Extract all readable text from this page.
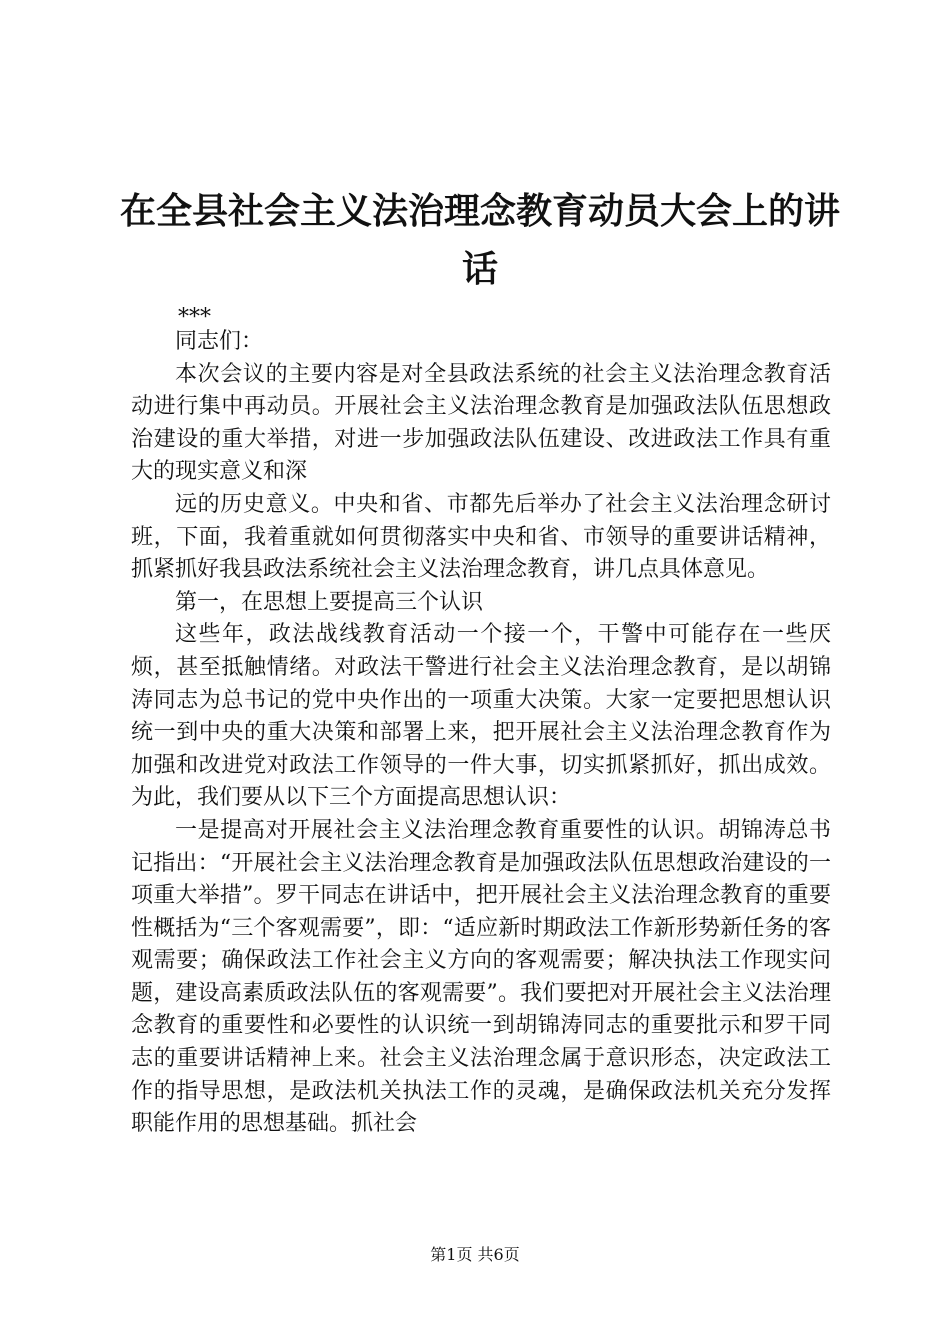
在全县社会主义法治理念教育动员大会上的讲话
***

同志们：

本次会议的主要内容是对全县政法系统的社会主义法治理念教育活动进行集中再动员。开展社会主义法治理念教育是加强政法队伍思想政治建设的重大举措，对进一步加强政法队伍建设、改进政法工作具有重大的现实意义和深

远的历史意义。中央和省、市都先后举办了社会主义法治理念研讨班，下面，我着重就如何贯彻落实中央和省、市领导的重要讲话精神，抓紧抓好我县政法系统社会主义法治理念教育，讲几点具体意见。

第一，在思想上要提高三个认识

这些年，政法战线教育活动一个接一个，干警中可能存在一些厌烦，甚至抵触情绪。对政法干警进行社会主义法治理念教育，是以胡锦涛同志为总书记的党中央作出的一项重大决策。大家一定要把思想认识统一到中央的重大决策和部署上来，把开展社会主义法治理念教育作为加强和改进党对政法工作领导的一件大事，切实抓紧抓好，抓出成效。为此，我们要从以下三个方面提高思想认识：

一是提高对开展社会主义法治理念教育重要性的认识。胡锦涛总书记指出：“开展社会主义法治理念教育是加强政法队伍思想政治建设的一项重大举措”。罗干同志在讲话中，把开展社会主义法治理念教育的重要性概括为“三个客观需要”，即：“适应新时期政法工作新形势新任务的客观需要；确保政法工作社会主义方向的客观需要；解决执法工作现实问题，建设高素质政法队伍的客观需要”。我们要把对开展社会主义法治理念教育的重要性和必要性的认识统一到胡锦涛同志的重要批示和罗干同志的重要讲话精神上来。社会主义法治理念属于意识形态，决定政法工作的指导思想，是政法机关执法工作的灵魂，是确保政法机关充分发挥职能作用的思想基础。抓社会

第1页 共6页
